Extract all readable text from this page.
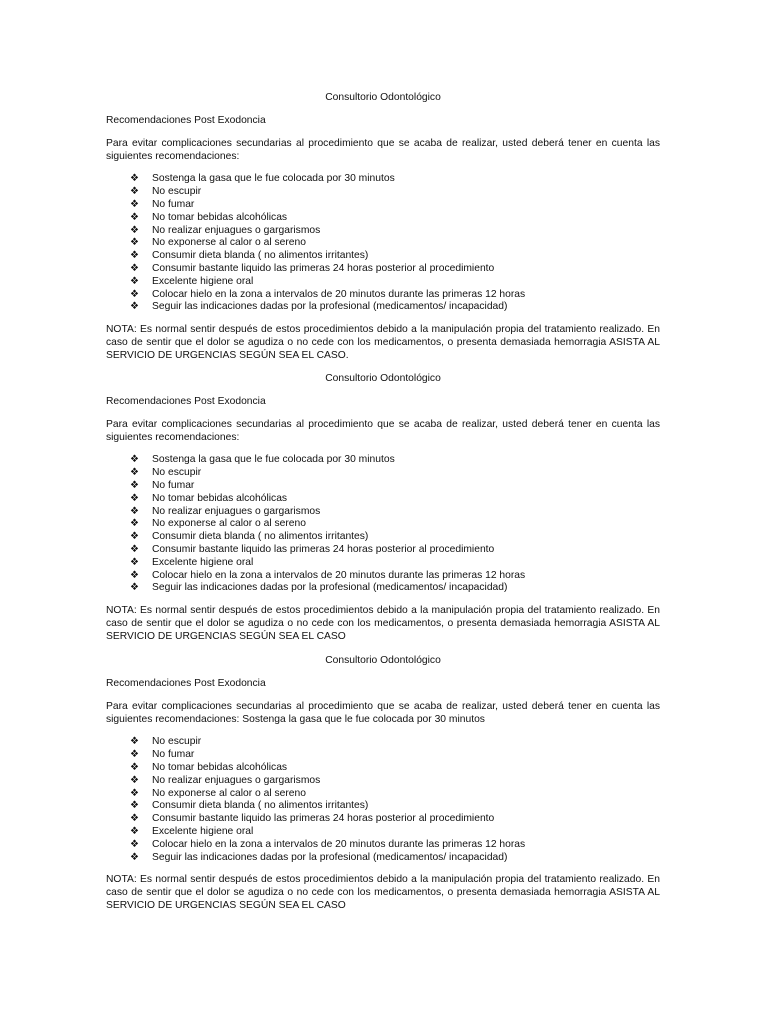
Consultorio Odontológico

Recomendaciones Post Exodoncia

Para evitar complicaciones secundarias al procedimiento que se acaba de realizar, usted deberá tener en cuenta las siguientes recomendaciones:

❖ Sostenga la gasa que le fue colocada por 30 minutos
❖ No escupir
❖ No fumar
❖ No tomar bebidas alcohólicas
❖ No realizar enjuagues o gargarismos
❖ No exponerse al calor o al sereno
❖ Consumir dieta blanda ( no alimentos irritantes)
❖ Consumir bastante liquido las primeras 24 horas posterior al procedimiento
❖ Excelente higiene oral
❖ Colocar hielo en la zona a intervalos de 20 minutos durante las primeras 12 horas
❖ Seguir las indicaciones dadas por la profesional (medicamentos/ incapacidad)

NOTA: Es normal sentir después de estos procedimientos debido a la manipulación propia del tratamiento realizado. En caso de sentir que el dolor se agudiza o no cede con los medicamentos, o presenta demasiada hemorragia ASISTA AL SERVICIO DE URGENCIAS SEGÚN SEA EL CASO.

Consultorio Odontológico

Recomendaciones Post Exodoncia

Para evitar complicaciones secundarias al procedimiento que se acaba de realizar, usted deberá tener en cuenta las siguientes recomendaciones:

❖ Sostenga la gasa que le fue colocada por 30 minutos
❖ No escupir
❖ No fumar
❖ No tomar bebidas alcohólicas
❖ No realizar enjuagues o gargarismos
❖ No exponerse al calor o al sereno
❖ Consumir dieta blanda ( no alimentos irritantes)
❖ Consumir bastante liquido las primeras 24 horas posterior al procedimiento
❖ Excelente higiene oral
❖ Colocar hielo en la zona a intervalos de 20 minutos durante las primeras 12 horas
❖ Seguir las indicaciones dadas por la profesional (medicamentos/ incapacidad)

NOTA: Es normal sentir después de estos procedimientos debido a la manipulación propia del tratamiento realizado. En caso de sentir que el dolor se agudiza o no cede con los medicamentos, o presenta demasiada hemorragia ASISTA AL SERVICIO DE URGENCIAS SEGÚN SEA EL CASO

Consultorio Odontológico

Recomendaciones Post Exodoncia

Para evitar complicaciones secundarias al procedimiento que se acaba de realizar, usted deberá tener en cuenta las siguientes recomendaciones: Sostenga la gasa que le fue colocada por 30 minutos

❖ No escupir
❖ No fumar
❖ No tomar bebidas alcohólicas
❖ No realizar enjuagues o gargarismos
❖ No exponerse al calor o al sereno
❖ Consumir dieta blanda ( no alimentos irritantes)
❖ Consumir bastante liquido las primeras 24 horas posterior al procedimiento
❖ Excelente higiene oral
❖ Colocar hielo en la zona a intervalos de 20 minutos durante las primeras 12 horas
❖ Seguir las indicaciones dadas por la profesional (medicamentos/ incapacidad)

NOTA: Es normal sentir después de estos procedimientos debido a la manipulación propia del tratamiento realizado. En caso de sentir que el dolor se agudiza o no cede con los medicamentos, o presenta demasiada hemorragia ASISTA AL SERVICIO DE URGENCIAS SEGÚN SEA EL CASO
